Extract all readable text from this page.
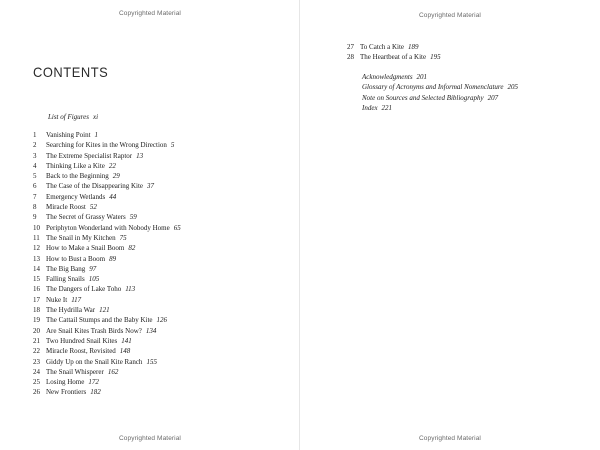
Copyrighted Material
CONTENTS
List of Figures xi
1 Vanishing Point 1
2 Searching for Kites in the Wrong Direction 5
3 The Extreme Specialist Raptor 13
4 Thinking Like a Kite 22
5 Back to the Beginning 29
6 The Case of the Disappearing Kite 37
7 Emergency Wetlands 44
8 Miracle Roost 52
9 The Secret of Grassy Waters 59
10 Periphyton Wonderland with Nobody Home 65
11 The Snail in My Kitchen 75
12 How to Make a Snail Boom 82
13 How to Bust a Boom 89
14 The Big Bang 97
15 Falling Snails 105
16 The Dangers of Lake Toho 113
17 Nuke It 117
18 The Hydrilla War 121
19 The Cattail Stumps and the Baby Kite 126
20 Are Snail Kites Trash Birds Now? 134
21 Two Hundred Snail Kites 141
22 Miracle Roost, Revisited 148
23 Giddy Up on the Snail Kite Ranch 155
24 The Snail Whisperer 162
25 Losing Home 172
26 New Frontiers 182
Copyrighted Material
Copyrighted Material
Copyrighted Material
27 To Catch a Kite 189
28 The Heartbeat of a Kite 195
Acknowledgments 201
Glossary of Acronyms and Informal Nomenclature 205
Note on Sources and Selected Bibliography 207
Index 221
